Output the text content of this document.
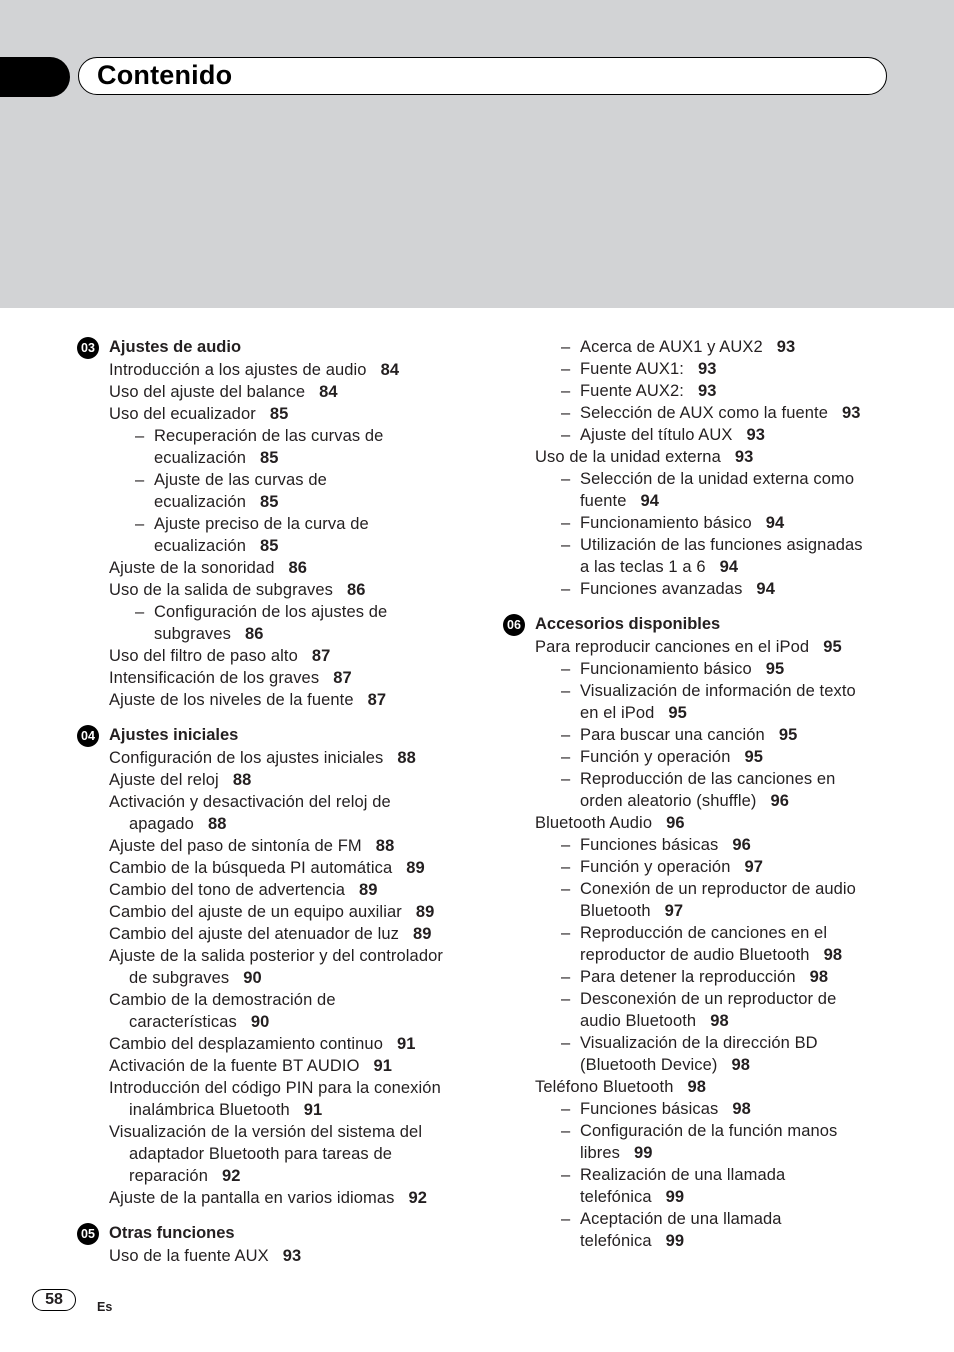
Contenido
03 Ajustes de audio
Introducción a los ajustes de audio 84
Uso del ajuste del balance 84
Uso del ecualizador 85
– Recuperación de las curvas de
ecualización 85
– Ajuste de las curvas de
ecualización 85
– Ajuste preciso de la curva de
ecualización 85
Ajuste de la sonoridad 86
Uso de la salida de subgraves 86
– Configuración de los ajustes de
subgraves 86
Uso del filtro de paso alto 87
Intensificación de los graves 87
Ajuste de los niveles de la fuente 87
04 Ajustes iniciales
Configuración de los ajustes iniciales 88
Ajuste del reloj 88
Activación y desactivación del reloj de
apagado 88
Ajuste del paso de sintonía de FM 88
Cambio de la búsqueda PI automática 89
Cambio del tono de advertencia 89
Cambio del ajuste de un equipo auxiliar 89
Cambio del ajuste del atenuador de luz 89
Ajuste de la salida posterior y del controlador
de subgraves 90
Cambio de la demostración de
características 90
Cambio del desplazamiento continuo 91
Activación de la fuente BT AUDIO 91
Introducción del código PIN para la conexión
inalámbrica Bluetooth 91
Visualización de la versión del sistema del
adaptador Bluetooth para tareas de
reparación 92
Ajuste de la pantalla en varios idiomas 92
05 Otras funciones
Uso de la fuente AUX 93
– Acerca de AUX1 y AUX2 93
– Fuente AUX1: 93
– Fuente AUX2: 93
– Selección de AUX como la fuente 93
– Ajuste del título AUX 93
Uso de la unidad externa 93
– Selección de la unidad externa como
fuente 94
– Funcionamiento básico 94
– Utilización de las funciones asignadas
a las teclas 1 a 6 94
– Funciones avanzadas 94
06 Accesorios disponibles
Para reproducir canciones en el iPod 95
– Funcionamiento básico 95
– Visualización de información de texto
en el iPod 95
– Para buscar una canción 95
– Función y operación 95
– Reproducción de las canciones en
orden aleatorio (shuffle) 96
Bluetooth Audio 96
– Funciones básicas 96
– Función y operación 97
– Conexión de un reproductor de audio
Bluetooth 97
– Reproducción de canciones en el
reproductor de audio Bluetooth 98
– Para detener la reproducción 98
– Desconexión de un reproductor de
audio Bluetooth 98
– Visualización de la dirección BD
(Bluetooth Device) 98
Teléfono Bluetooth 98
– Funciones básicas 98
– Configuración de la función manos
libres 99
– Realización de una llamada
telefónica 99
– Aceptación de una llamada
telefónica 99
58	Es
